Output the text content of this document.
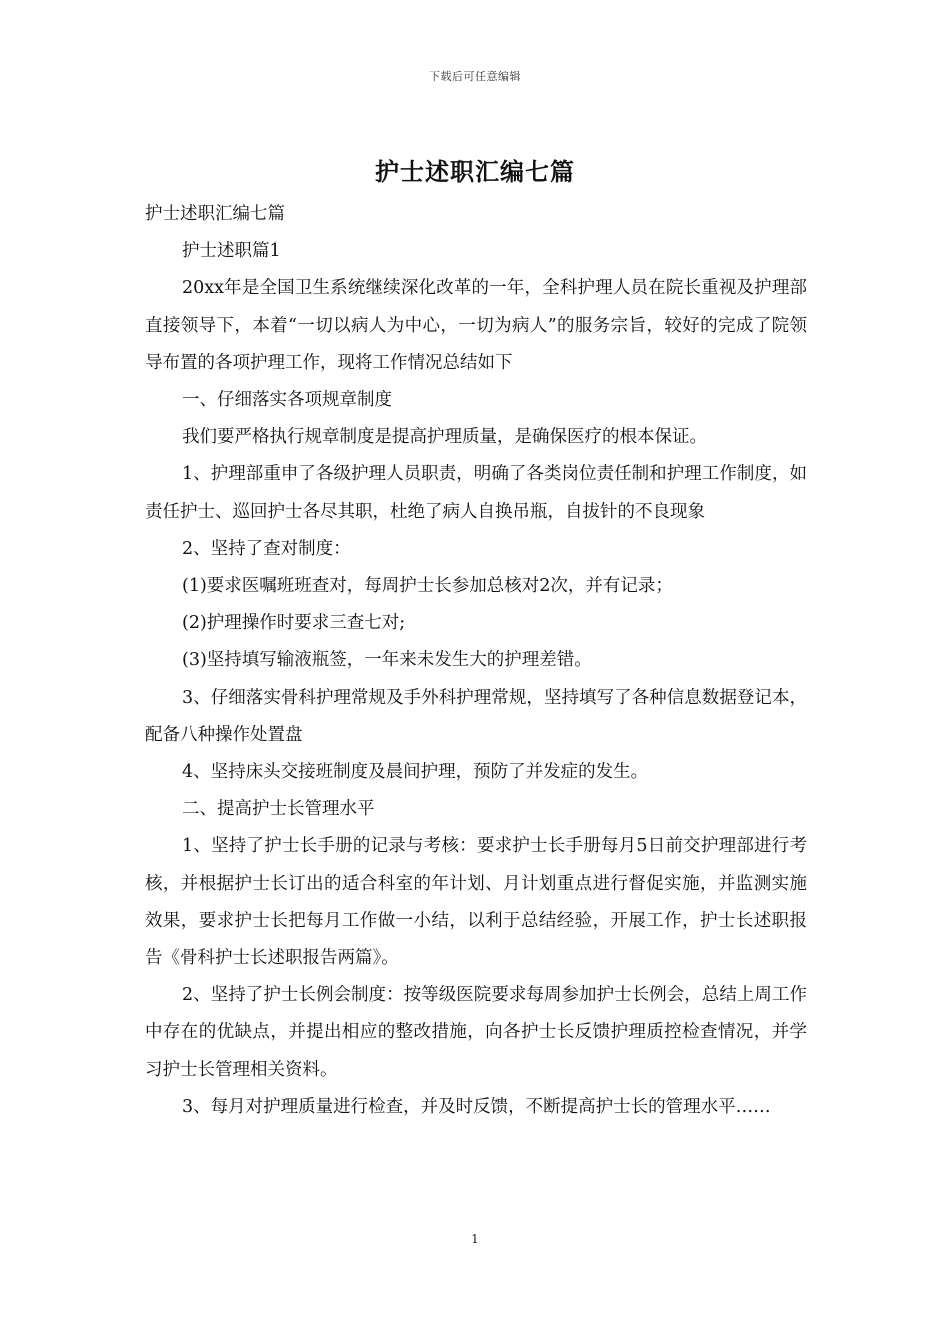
下载后可任意编辑
护士述职汇编七篇

护士述职汇编七篇

护士述职篇1

20xx年是全国卫生系统继续深化改革的一年，全科护理人员在院长重视及护理部直接领导下，本着“一切以病人为中心，一切为病人”的服务宗旨，较好的完成了院领导布置的各项护理工作，现将工作情况总结如下

一、仔细落实各项规章制度

我们要严格执行规章制度是提高护理质量，是确保医疗的根本保证。

1、护理部重申了各级护理人员职责，明确了各类岗位责任制和护理工作制度，如责任护士、巡回护士各尽其职，杜绝了病人自换吊瓶，自拔针的不良现象

2、坚持了查对制度：

(1)要求医嘱班班查对，每周护士长参加总核对2次，并有记录；

(2)护理操作时要求三查七对;

(3)坚持填写输液瓶签，一年来未发生大的护理差错。

3、仔细落实骨科护理常规及手外科护理常规，坚持填写了各种信息数据登记本，配备八种操作处置盘

4、坚持床头交接班制度及晨间护理，预防了并发症的发生。

二、提高护士长管理水平

1、坚持了护士长手册的记录与考核：要求护士长手册每月5日前交护理部进行考核，并根据护士长订出的适合科室的年计划、月计划重点进行督促实施，并监测实施效果，要求护士长把每月工作做一小结，以利于总结经验，开展工作，护士长述职报告《骨科护士长述职报告两篇》。

2、坚持了护士长例会制度：按等级医院要求每周参加护士长例会，总结上周工作中存在的优缺点，并提出相应的整改措施，向各护士长反馈护理质控检查情况，并学习护士长管理相关资料。

3、每月对护理质量进行检查，并及时反馈，不断提高护士长的管理水平……

1
